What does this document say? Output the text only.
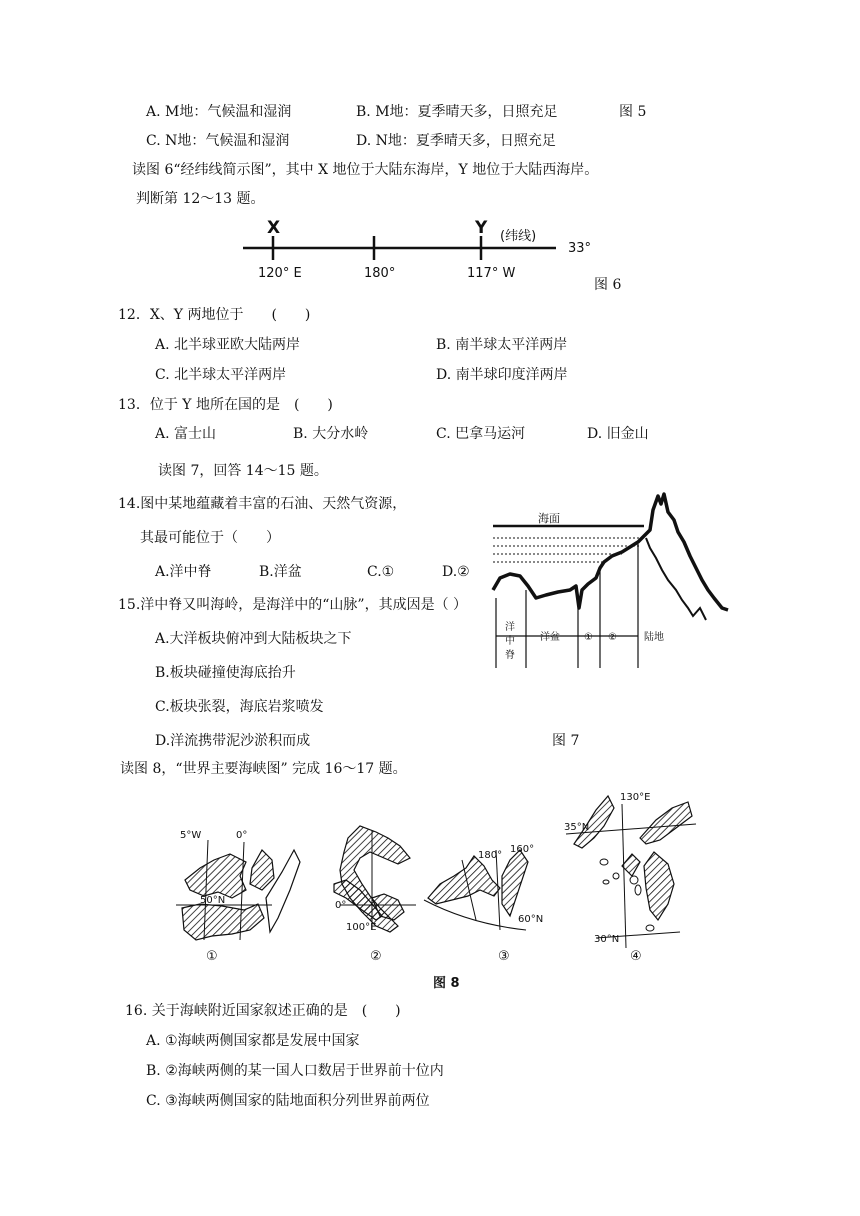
A. M地：气候温和湿润	B. M地：夏季晴天多，日照充足	图 5
C. N地：气候温和湿润	D. N地：夏季晴天多，日照充足
读图 6“经纬线简示图”，其中 X 地位于大陆东海岸，Y 地位于大陆西海岸。
判断第 12～13 题。
X	Y (纬线)
33°
120° E	180°	117° W
图 6
12．X、Y 两地位于　　(　　)
A. 北半球亚欧大陆两岸	B. 南半球太平洋两岸
C. 北半球太平洋两岸	D. 南半球印度洋两岸
13．位于 Y 地所在国的是　(　　)
A. 富士山	B. 大分水岭	C. 巴拿马运河	D. 旧金山
读图 7，回答 14～15 题。
14.图中某地蕴藏着丰富的石油、天然气资源，
其最可能位于（　　）
A.洋中脊	B.洋盆	C.①	D.②
15.洋中脊又叫海岭，是海洋中的“山脉”，其成因是（ ）
A.大洋板块俯冲到大陆板块之下
B.板块碰撞使海底抬升
C.板块张裂，海底岩浆喷发
D.洋流携带泥沙淤积而成
海面
洋
中
脊
洋盆 ① ②	陆地
图 7
读图 8，“世界主要海峡图” 完成 16～17 题。
5°W	0°
50°N
①
0°
100°E
②
180°
160°
60°N
③
130°E
35°N
30°N
④
图 8
16. 关于海峡附近国家叙述正确的是　(　　)
A. ①海峡两侧国家都是发展中国家
B. ②海峡两侧的某一国人口数居于世界前十位内
C. ③海峡两侧国家的陆地面积分列世界前两位
